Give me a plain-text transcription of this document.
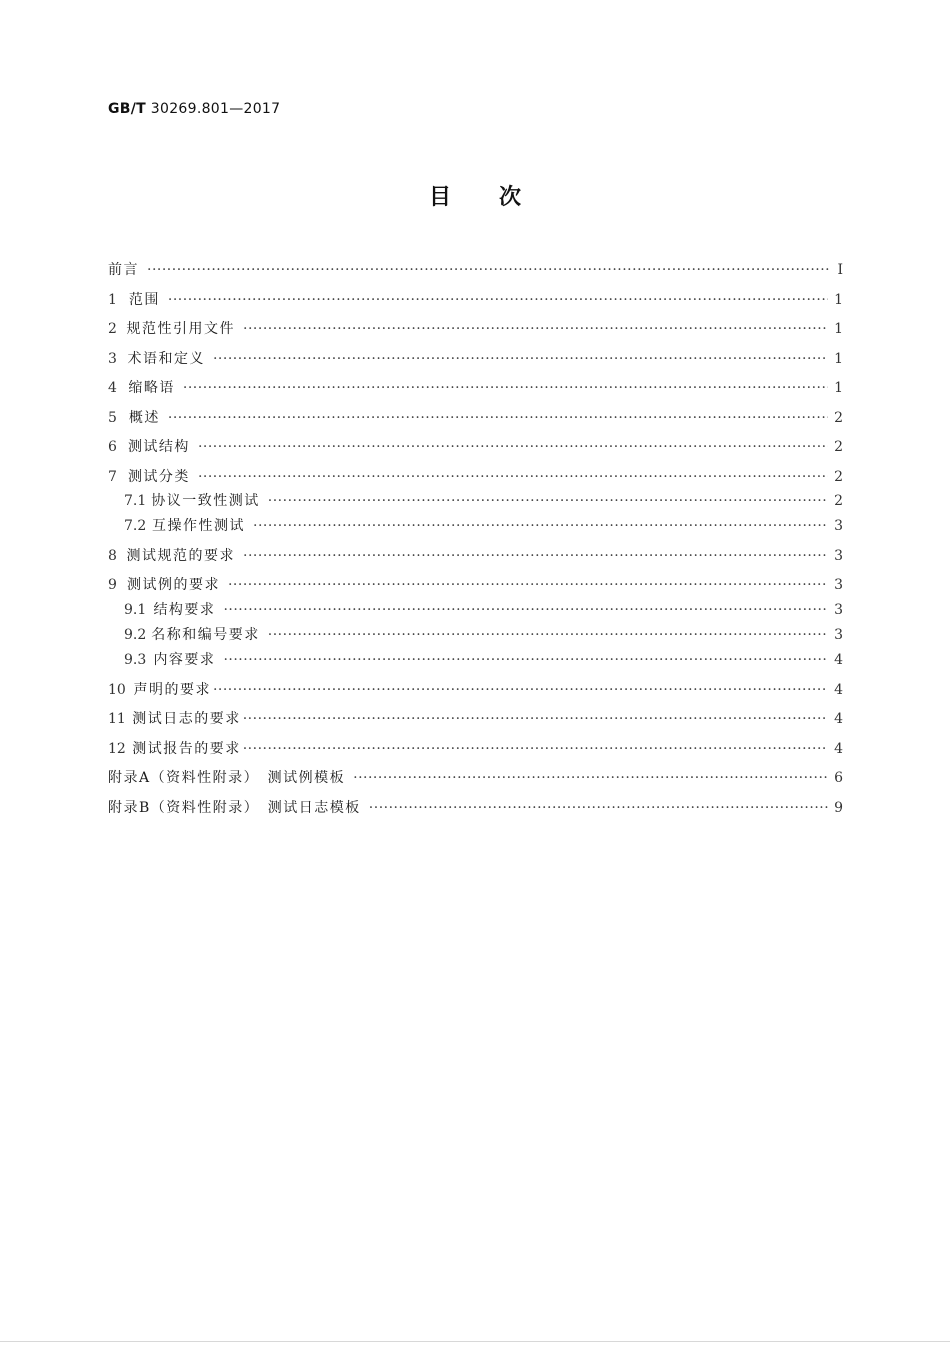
GB/T 30269.801—2017
目次
前言 ·····	Ⅰ
1 范围 ·····	1
2 规范性引用文件 ·····	1
3 术语和定义 ·····	1
4 缩略语 ·····	1
5 概述 ·····	2
6 测试结构 ·····	2
7 测试分类 ·····	2
7.1 协议一致性测试 ·····	2
7.2 互操作性测试 ·····	3
8 测试规范的要求 ·····	3
9 测试例的要求 ·····	3
9.1 结构要求 ·····	3
9.2 名称和编号要求 ·····	3
9.3 内容要求 ·····	4
10 声明的要求 ·····	4
11 测试日志的要求 ·····	4
12 测试报告的要求 ·····	4
附录A（资料性附录）　测试例模板 ·····	6
附录B（资料性附录）　测试日志模板 ·····	9
